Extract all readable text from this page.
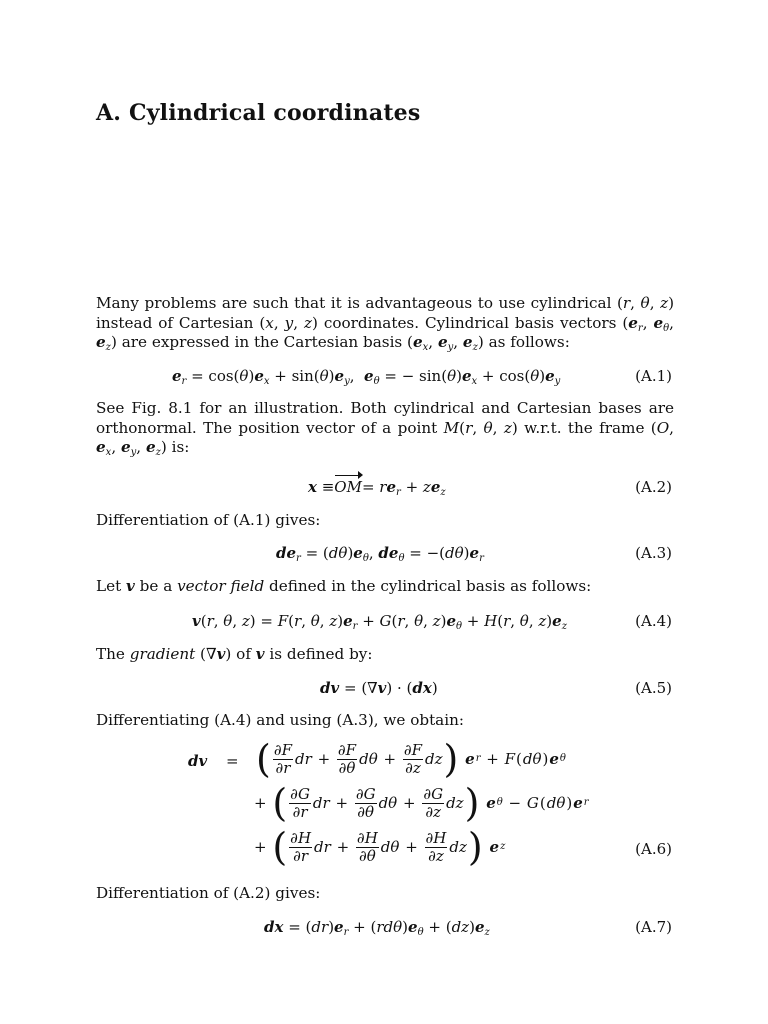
A. Cylindrical coordinates

Many problems are such that it is advantageous to use cylindrical (r, θ, z) instead of Cartesian (x, y, z) coordinates. Cylindrical basis vectors ($e_r$, $e_\theta$, $e_z$) are expressed in the Cartesian basis ($e_x$, $e_y$, $e_z$) as follows:

$e_r = \cos(\theta)e_x + \sin(\theta)e_y$,  $e_\theta$ = − $\sin(\theta)e_x + \cos(\theta)e_y$	(A.1)

See Fig. 8.1 for an illustration. Both cylindrical and Cartesian bases are orthonormal. The position vector of a point M(r, θ, z) w.r.t. the frame (O, $e_x$, $e_y$, $e_z$) is:

$x \equiv OM= re_r + ze_z$	(A.2)

Differentiation of (A.1) gives:

$de_r = (d\theta)e_\theta$, $de_\theta = -(d\theta)e_r$	(A.3)

Let v be a vector field defined in the cylindrical basis as follows:

v(r, θ, z) = F(r, θ, $z)e_r + G(r$, θ, $z)e_\theta + H(r$, θ, $z)e_z$	(A.4)

The gradient (∇v) of v is defined by:

dv = (∇v) · (dx)	(A.5)

Differentiating (A.4) and using (A.3), we obtain:

dv = ( $\frac{\partial F}{\partial r}$ dr + $\frac{\partial F}{\partial\theta}$ $d\theta + \frac{\partial F}{\partial z}$ dz )
e r + F ( dθ ) e θ
+ ( $\frac{\partial G}{\partial r}$ dr + $\frac{\partial G}{\partial\theta}$ $d\theta + \frac{\partial G}{\partial z}$ dz )
e θ − G ( dθ ) e r
+ ( $\frac{\partial H}{\partial r}$ dr + $\frac{\partial H}{\partial\theta}$ $d\theta + \frac{\partial H}{\partial z}$ dz )
e z	(A.6)

Differentiation of (A.2) gives:

dx = $(dr)e_r + (rd\theta)e_\theta + (dz)e_z$	(A.7)
